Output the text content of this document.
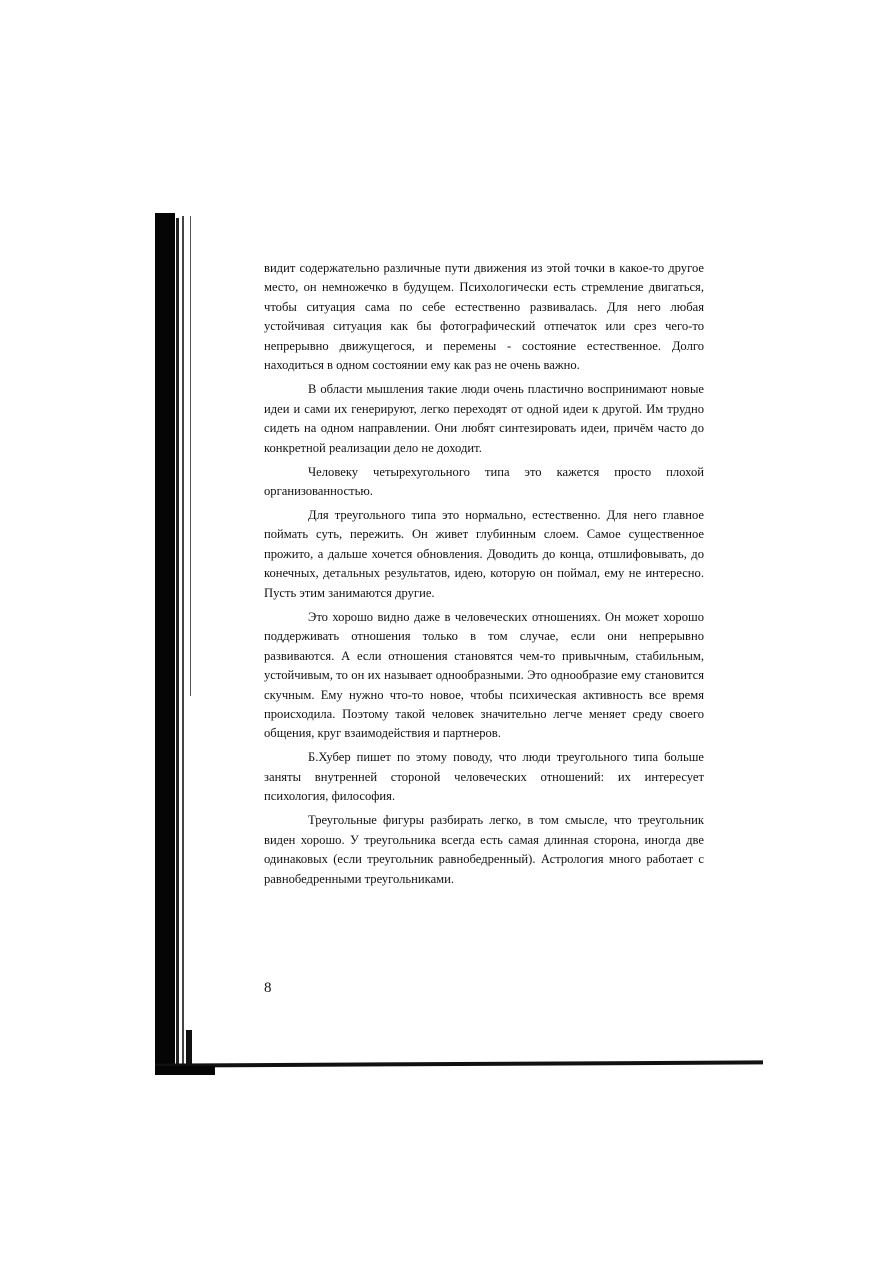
видит содержательно различные пути движения из этой точки в какое-то другое место, он немножечко в будущем. Психологически есть стремление двигаться, чтобы ситуация сама по себе естественно развивалась. Для него любая устойчивая ситуация как бы фотографический отпечаток или срез чего-то непрерывно движущегося, и перемены - состояние естественное. Долго находиться в одном состоянии ему как раз не очень важно.

В области мышления такие люди очень пластично воспринимают новые идеи и сами их генерируют, легко переходят от одной идеи к другой. Им трудно сидеть на одном направлении. Они любят синтезировать идеи, причём часто до конкретной реализации дело не доходит.

Человеку четырехугольного типа это кажется просто плохой организованностью.

Для треугольного типа это нормально, естественно. Для него главное поймать суть, пережить. Он живет глубинным слоем. Самое существенное прожито, а дальше хочется обновления. Доводить до конца, отшлифовывать, до конечных, детальных результатов, идею, которую он поймал, ему не интересно. Пусть этим занимаются другие.

Это хорошо видно даже в человеческих отношениях. Он может хорошо поддерживать отношения только в том случае, если они непрерывно развиваются. А если отношения становятся чем-то привычным, стабильным, устойчивым, то он их называет однообразными. Это однообразие ему становится скучным. Ему нужно что-то новое, чтобы психическая активность все время происходила. Поэтому такой человек значительно легче меняет среду своего общения, круг взаимодействия и партнеров.

Б.Хубер пишет по этому поводу, что люди треугольного типа больше заняты внутренней стороной человеческих отношений: их интересует психология, философия.

Треугольные фигуры разбирать легко, в том смысле, что треугольник виден хорошо. У треугольника всегда есть самая длинная сторона, иногда две одинаковых (если треугольник равнобедренный). Астрология много работает с равнобедренными треугольниками.

8
